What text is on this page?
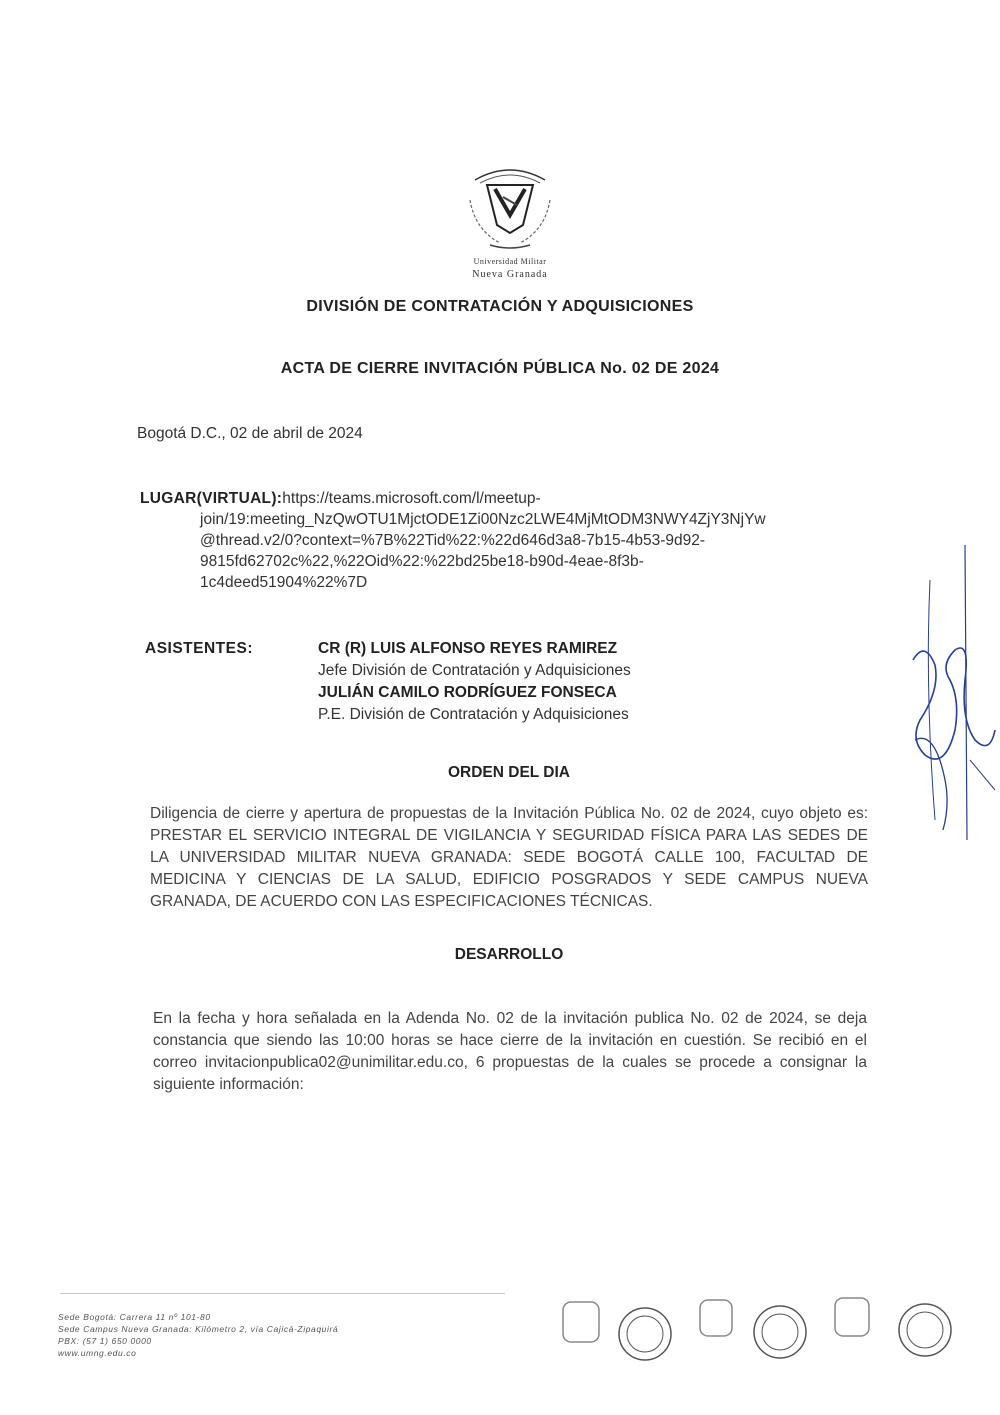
Universidad Militar
Nueva Granada
DIVISIÓN DE CONTRATACIÓN Y ADQUISICIONES
ACTA DE CIERRE INVITACIÓN PÚBLICA No. 02 DE 2024
Bogotá D.C., 02 de abril de 2024
LUGAR(VIRTUAL):https://teams.microsoft.com/l/meetup-
join/19:meeting_NzQwOTU1MjctODE1Zi00Nzc2LWE4MjMtODM3NWY4ZjY3NjYw
@thread.v2/0?context=%7B%22Tid%22:%22d646d3a8-7b15-4b53-9d92-
9815fd62702c%22,%22Oid%22:%22bd25be18-b90d-4eae-8f3b-
1c4deed51904%22%7D
ASISTENTES:	CR (R) LUIS ALFONSO REYES RAMIREZ
Jefe División de Contratación y Adquisiciones
JULIÁN CAMILO RODRÍGUEZ FONSECA
P.E. División de Contratación y Adquisiciones
ORDEN DEL DIA
Diligencia de cierre y apertura de propuestas de la Invitación Pública No. 02 de 2024, cuyo objeto es: PRESTAR EL SERVICIO INTEGRAL DE VIGILANCIA Y SEGURIDAD FÍSICA PARA LAS SEDES DE LA UNIVERSIDAD MILITAR NUEVA GRANADA: SEDE BOGOTÁ CALLE 100, FACULTAD DE MEDICINA Y CIENCIAS DE LA SALUD, EDIFICIO POSGRADOS Y SEDE CAMPUS NUEVA GRANADA, DE ACUERDO CON LAS ESPECIFICACIONES TÉCNICAS.
DESARROLLO
En la fecha y hora señalada en la Adenda No. 02 de la invitación publica No. 02 de 2024, se deja constancia que siendo las 10:00 horas se hace cierre de la invitación en cuestión. Se recibió en el correo invitacionpublica02@unimilitar.edu.co, 6 propuestas de la cuales se procede a consignar la siguiente información:
Sede Bogotá: Carrera 11 nº 101-80
Sede Campus Nueva Granada: Kilómetro 2, vía Cajicá-Zipaquirá
PBX: (57 1) 650 0000
www.umng.edu.co
